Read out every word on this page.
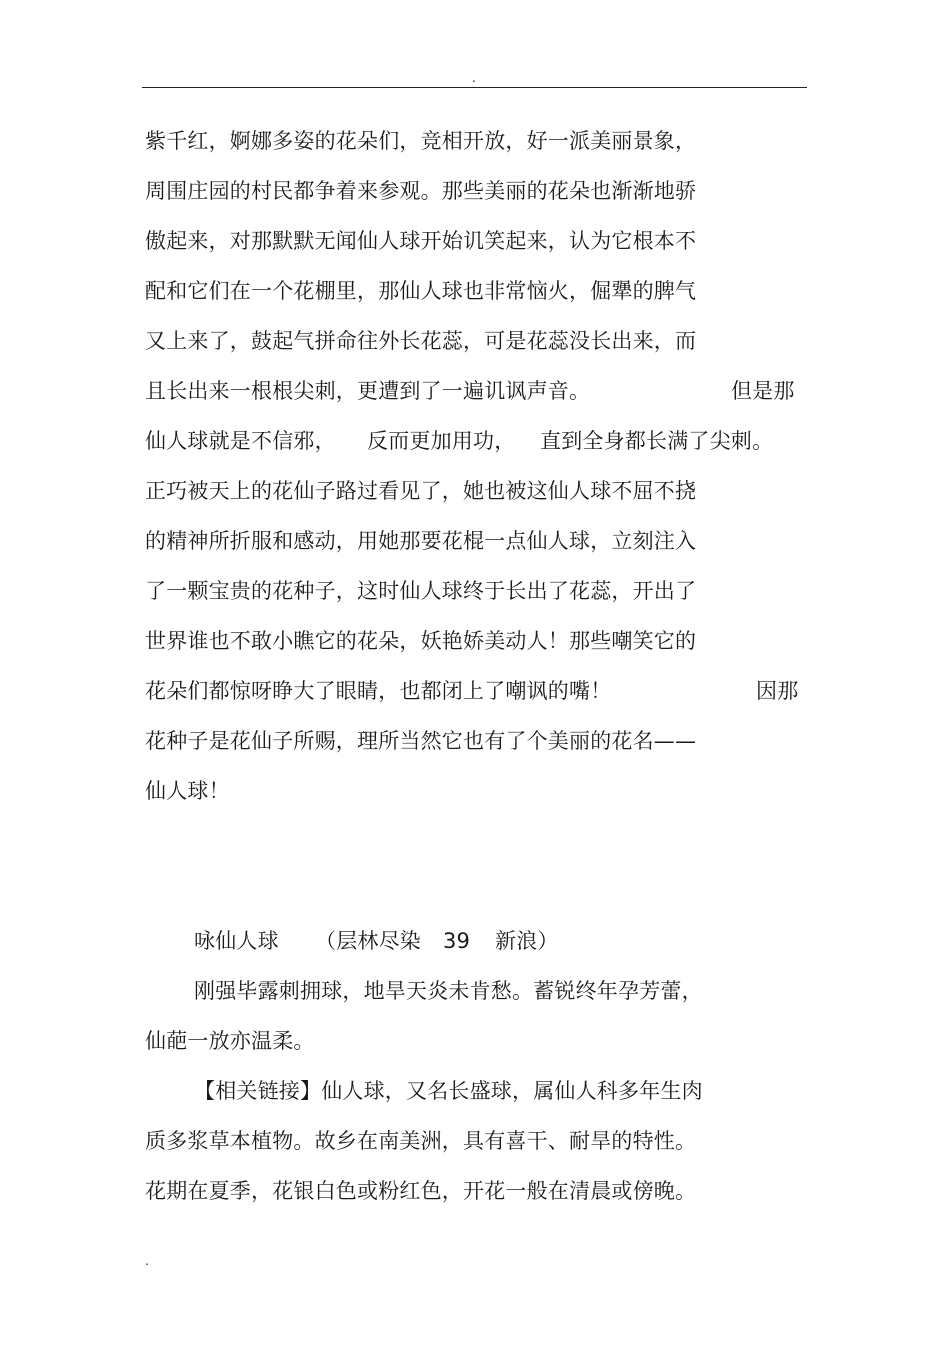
.
紫千红，婀娜多姿的花朵们，竞相开放，好一派美丽景象，
周围庄园的村民都争着来参观。那些美丽的花朵也渐渐地骄
傲起来，对那默默无闻仙人球开始讥笑起来，认为它根本不
配和它们在一个花棚里，那仙人球也非常恼火，倔犟的脾气
又上来了，鼓起气拼命往外长花蕊，可是花蕊没长出来，而
且长出来一根根尖刺，更遭到了一遍讥讽声音。	但是那
仙人球就是不信邪， 反而更加用功， 直到全身都长满了尖刺。
正巧被天上的花仙子路过看见了，她也被这仙人球不屈不挠
的精神所折服和感动，用她那要花棍一点仙人球，立刻注入
了一颗宝贵的花种子，这时仙人球终于长出了花蕊，开出了
世界谁也不敢小瞧它的花朵，妖艳娇美动人！那些嘲笑它的
花朵们都惊呀睁大了眼睛，也都闭上了嘲讽的嘴！	因那
花种子是花仙子所赐，理所当然它也有了个美丽的花名——
仙人球！
咏仙人球 （层林尽染 39 新浪）
刚强毕露刺拥球，地旱天炎未肯愁。蓄锐终年孕芳蕾，
仙葩一放亦温柔。
【相关链接】仙人球，又名长盛球，属仙人科多年生肉
质多浆草本植物。故乡在南美洲，具有喜干、耐旱的特性。
花期在夏季，花银白色或粉红色，开花一般在清晨或傍晚。
.
